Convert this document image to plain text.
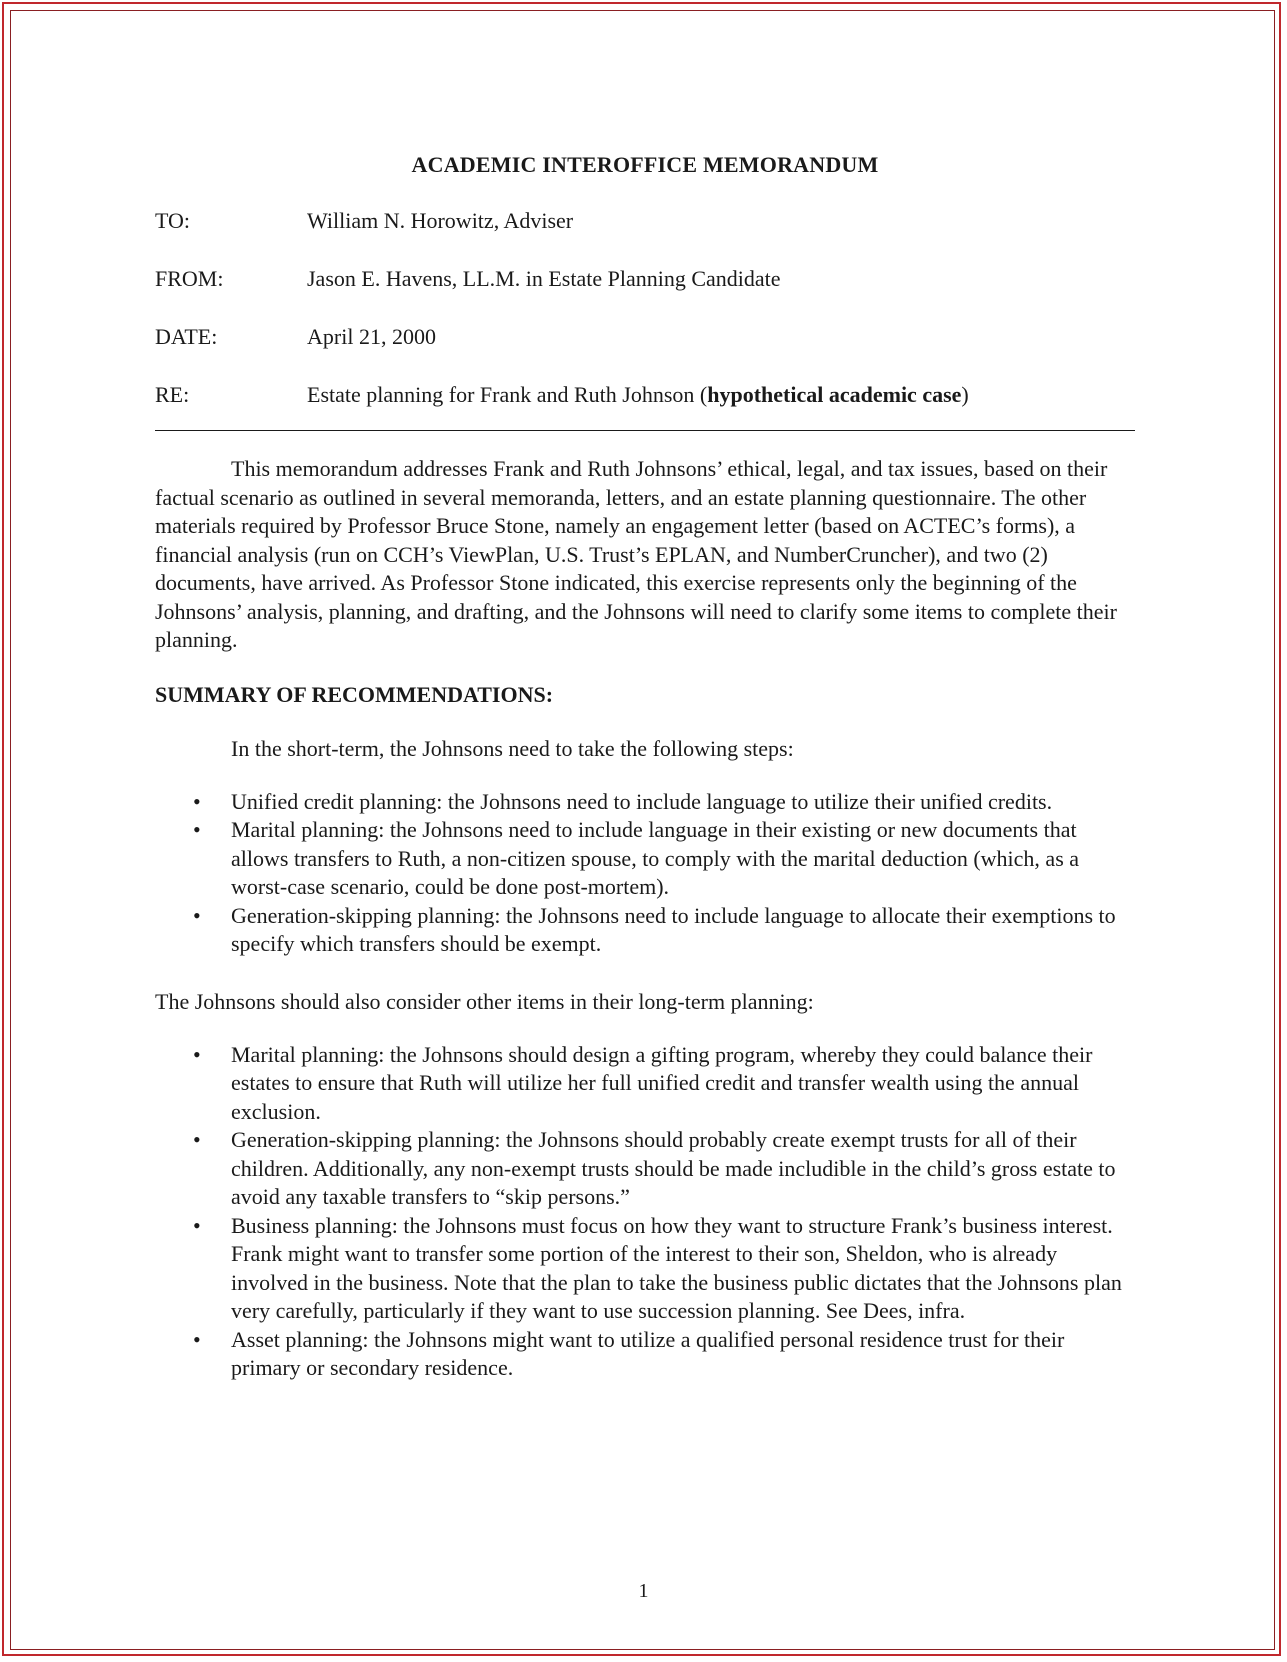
ACADEMIC INTEROFFICE MEMORANDUM
TO:	William N. Horowitz, Adviser
FROM:	Jason E. Havens, LL.M. in Estate Planning Candidate
DATE:	April 21, 2000
RE:	Estate planning for Frank and Ruth Johnson (hypothetical academic case)

This memorandum addresses Frank and Ruth Johnsons’ ethical, legal, and tax issues, based on their factual scenario as outlined in several memoranda, letters, and an estate planning questionnaire. The other materials required by Professor Bruce Stone, namely an engagement letter (based on ACTEC’s forms), a financial analysis (run on CCH’s ViewPlan, U.S. Trust’s EPLAN, and NumberCruncher), and two (2) documents, have arrived. As Professor Stone indicated, this exercise represents only the beginning of the Johnsons’ analysis, planning, and drafting, and the Johnsons will need to clarify some items to complete their planning.

SUMMARY OF RECOMMENDATIONS:
In the short-term, the Johnsons need to take the following steps:
• Unified credit planning: the Johnsons need to include language to utilize their unified credits.
• Marital planning: the Johnsons need to include language in their existing or new documents that allows transfers to Ruth, a non-citizen spouse, to comply with the marital deduction (which, as a worst-case scenario, could be done post-mortem).
• Generation-skipping planning: the Johnsons need to include language to allocate their exemptions to specify which transfers should be exempt.
The Johnsons should also consider other items in their long-term planning:
• Marital planning: the Johnsons should design a gifting program, whereby they could balance their estates to ensure that Ruth will utilize her full unified credit and transfer wealth using the annual exclusion.
• Generation-skipping planning: the Johnsons should probably create exempt trusts for all of their children. Additionally, any non-exempt trusts should be made includible in the child’s gross estate to avoid any taxable transfers to “skip persons.”
• Business planning: the Johnsons must focus on how they want to structure Frank’s business interest. Frank might want to transfer some portion of the interest to their son, Sheldon, who is already involved in the business. Note that the plan to take the business public dictates that the Johnsons plan very carefully, particularly if they want to use succession planning. See Dees, infra.
• Asset planning: the Johnsons might want to utilize a qualified personal residence trust for their primary or secondary residence.
1
